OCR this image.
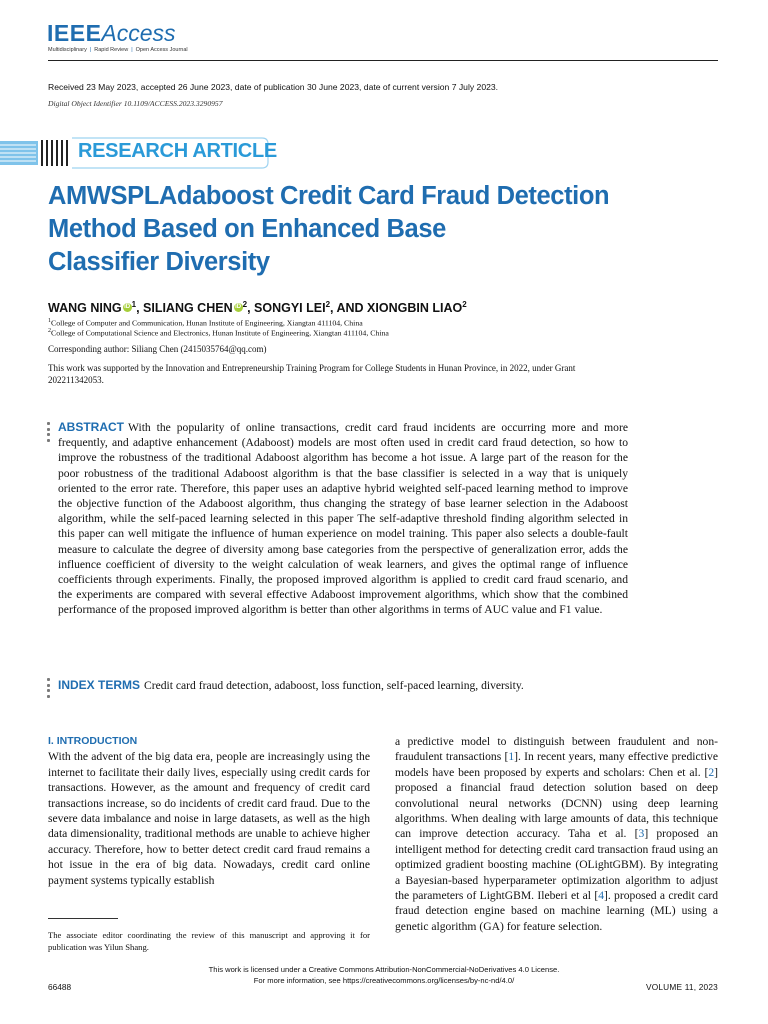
IEEEAccess
Multidisciplinary | Rapid Review | Open Access Journal
Received 23 May 2023, accepted 26 June 2023, date of publication 30 June 2023, date of current version 7 July 2023.
Digital Object Identifier 10.1109/ACCESS.2023.3290957
RESEARCH ARTICLE
AMWSPLAdaboost Credit Card Fraud Detection
Method Based on Enhanced Base
Classifier Diversity
WANG NING iD $^1$, SILIANG CHEN iD $^2$, SONGYI LEI$^2$, AND XIONGBIN LIAO$^2$
$^1$College of Computer and Communication, Hunan Institute of Engineering, Xiangtan 411104, China
$^2$College of Computational Science and Electronics, Hunan Institute of Engineering, Xiangtan 411104, China
Corresponding author: Siliang Chen (2415035764@qq.com)
This work was supported by the Innovation and Entrepreneurship Training Program for College Students in Hunan Province, in 2022, under Grant 202211342053.
ABSTRACT With the popularity of online transactions, credit card fraud incidents are occurring more and more frequently, and adaptive enhancement (Adaboost) models are most often used in credit card fraud detection, so how to improve the robustness of the traditional Adaboost algorithm has become a hot issue. A large part of the reason for the poor robustness of the traditional Adaboost algorithm is that the base classifier is selected in a way that is uniquely oriented to the error rate. Therefore, this paper uses an adaptive hybrid weighted self-paced learning method to improve the objective function of the Adaboost algorithm, thus changing the strategy of base learner selection in the Adaboost algorithm, while the self-paced learning selected in this paper The self-adaptive threshold finding algorithm selected in this paper can well mitigate the influence of human experience on model training. This paper also selects a double-fault measure to calculate the degree of diversity among base categories from the perspective of generalization error, adds the influence coefficient of diversity to the weight calculation of weak learners, and gives the optimal range of influence coefficients through experiments. Finally, the proposed improved algorithm is applied to credit card fraud scenario, and the experiments are compared with several effective Adaboost improvement algorithms, which show that the combined performance of the proposed improved algorithm is better than other algorithms in terms of AUC value and F1 value.
INDEX TERMS Credit card fraud detection, adaboost, loss function, self-paced learning, diversity.
I. INTRODUCTION
With the advent of the big data era, people are increasingly using the internet to facilitate their daily lives, especially using credit cards for transactions. However, as the amount and frequency of credit card transactions increase, so do incidents of credit card fraud. Due to the severe data imbalance and noise in large datasets, as well as the high data dimensionality, traditional methods are unable to achieve higher accuracy. Therefore, how to better detect credit card fraud remains a hot issue in the era of big data. Nowadays, credit card online payment systems typically establish
The associate editor coordinating the review of this manuscript and approving it for publication was Yilun Shang.
a predictive model to distinguish between fraudulent and non-fraudulent transactions [1]. In recent years, many effective predictive models have been proposed by experts and scholars: Chen et al. [2] proposed a financial fraud detection solution based on deep convolutional neural networks (DCNN) using deep learning algorithms. When dealing with large amounts of data, this technique can improve detection accuracy. Taha et al. [3] proposed an intelligent method for detecting credit card transaction fraud using an optimized gradient boosting machine (OLightGBM). By integrating a Bayesian-based hyperparameter optimization algorithm to adjust the parameters of LightGBM. Ileberi et al [4]. proposed a credit card fraud detection engine based on machine learning (ML) using a genetic algorithm (GA) for feature selection.
This work is licensed under a Creative Commons Attribution-NonCommercial-NoDerivatives 4.0 License.
For more information, see https://creativecommons.org/licenses/by-nc-nd/4.0/
66488	VOLUME 11, 2023
